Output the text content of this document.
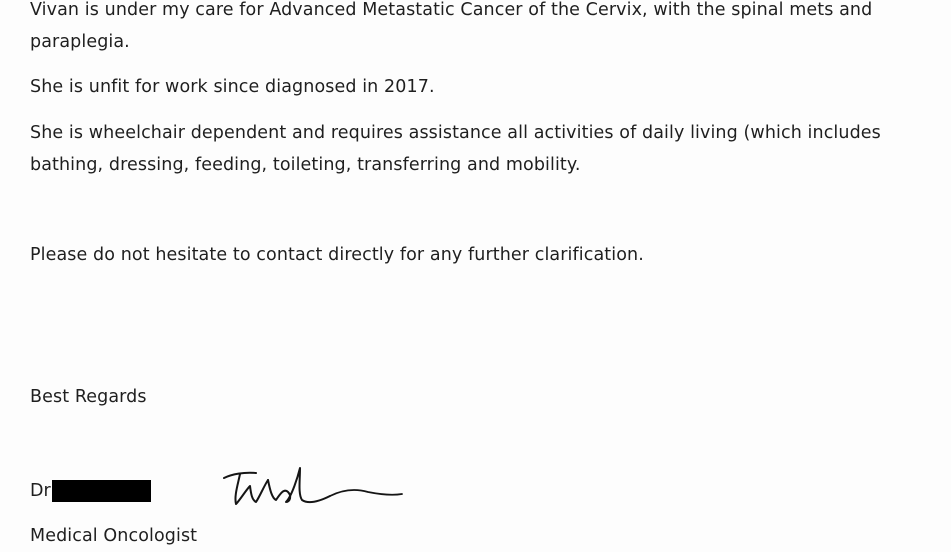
Vivan is under my care for Advanced Metastatic Cancer of the Cervix, with the spinal mets and paraplegia.

She is unfit for work since diagnosed in 2017.

She is wheelchair dependent and requires assistance all activities of daily living (which includes bathing, dressing, feeding, toileting, transferring and mobility.

Please do not hesitate to contact directly for any further clarification.

Best Regards

Dr

Medical Oncologist
